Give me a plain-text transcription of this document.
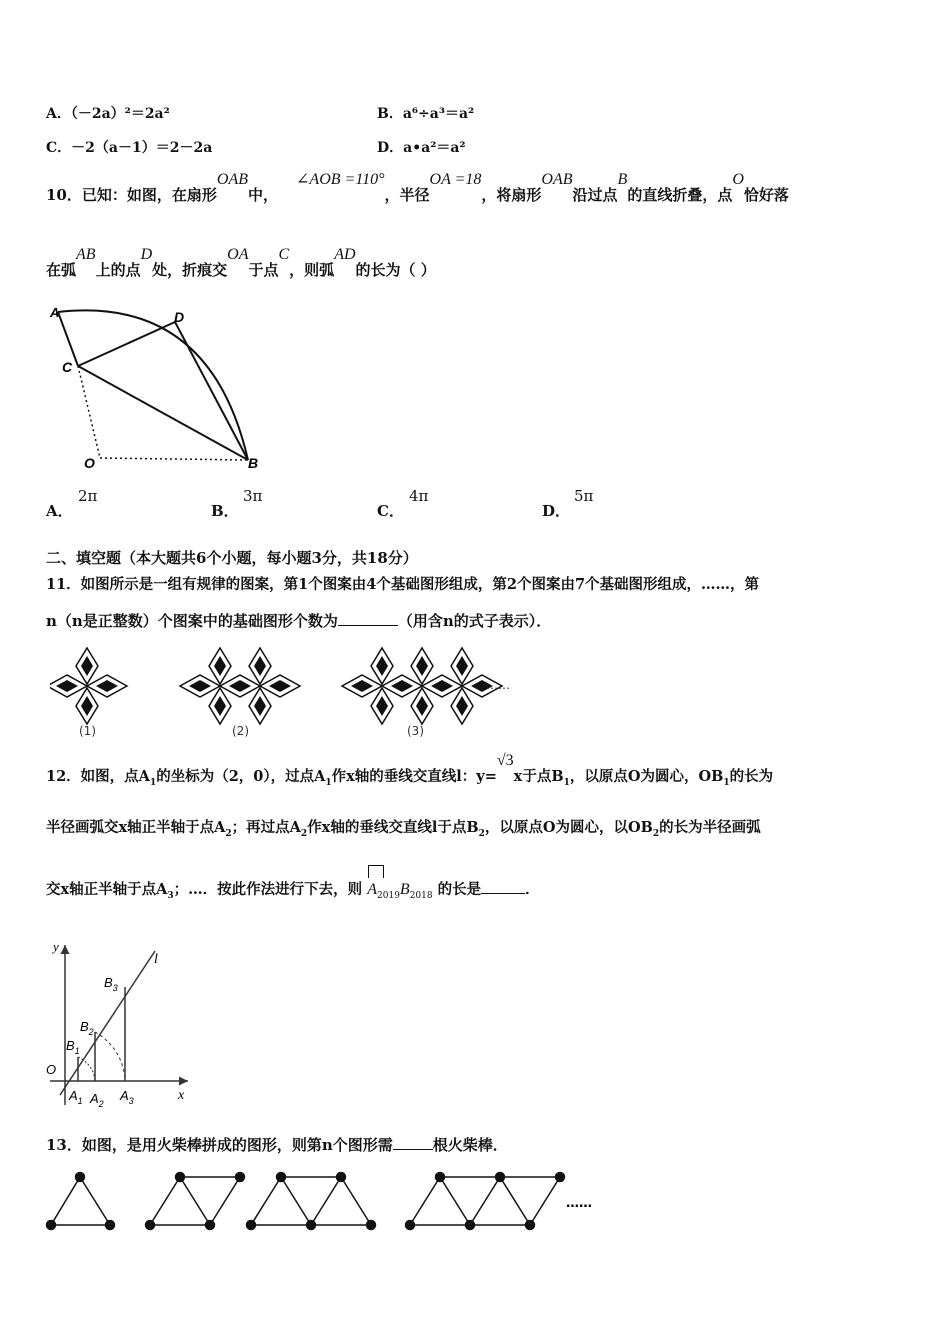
A．（－2a）²＝2a²	B．a⁶÷a³＝a²
C．－2（a－1）＝2－2a	D．a•a²＝a²
10．已知：如图，在扇形OAB中，∠AOB =110°，半径OA =18，将扇形OAB沿过点B的直线折叠，点O恰好落
在弧AB上的点D处，折痕交OA于点C，则弧AD的长为（ ）
A	D
C
O	B
A．
2π
B．
3π
C．
4π
D．
5π
二、填空题（本大题共6个小题，每小题3分，共18分）
11．如图所示是一组有规律的图案，第1个图案由4个基础图形组成，第2个图案由7个基础图形组成，……，第
n（n是正整数）个图案中的基础图形个数为	（用含n的式子表示）．
……
(1)	(2)	(3)
12．如图，点$A_1$的坐标为（2，0），过点$A_1$作x轴的垂线交直线l：y=√3x于点$B_1$，以原点O为圆心，$OB_1$的长为
半径画弧交x轴正半轴于点$A_2$；再过点$A_2$作x轴的垂线交直线l于点$B_2$，以原点O为圆心，以$OB_2$的长为半径画弧
交x轴正半轴于点$A_3$；…．按此作法进行下去，则 $A_{2019}B_{2018}$ 的长是	．
y
x
l
O
$B_3$
$B_2$
$B_1$
$A_1$ $A_2$
$A_3$
13．如图，是用火柴棒拼成的图形，则第n个图形需	根火柴棒．
……
